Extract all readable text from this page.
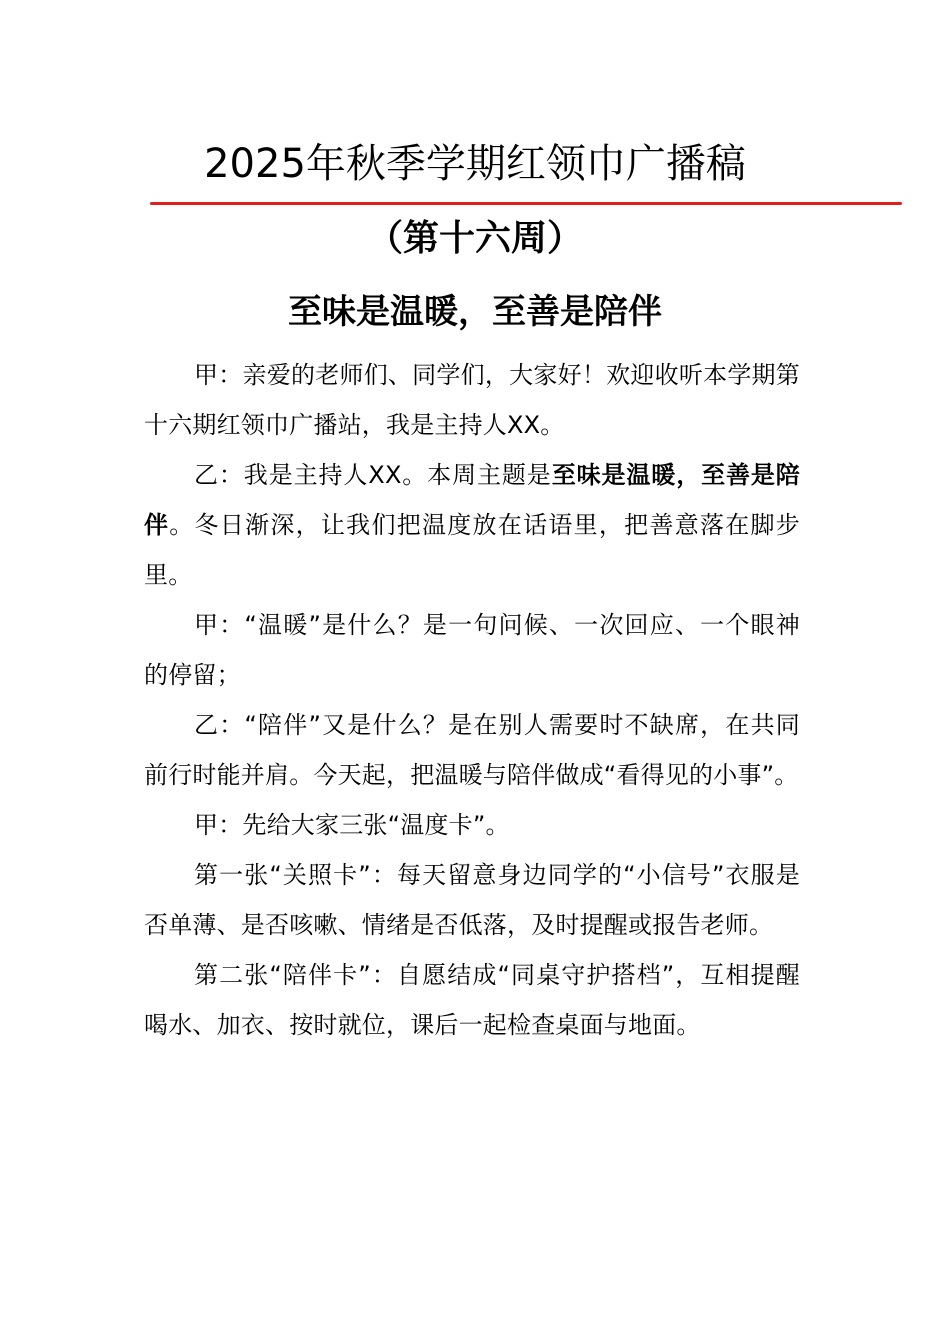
2025年秋季学期红领巾广播稿
（第十六周）
至味是温暖，至善是陪伴

甲：亲爱的老师们、同学们，大家好！欢迎收听本学期第十六期红领巾广播站，我是主持人XX。

乙：我是主持人XX。本周主题是至味是温暖，至善是陪伴。冬日渐深，让我们把温度放在话语里，把善意落在脚步里。

甲：“温暖”是什么？是一句问候、一次回应、一个眼神的停留；

乙：“陪伴”又是什么？是在别人需要时不缺席，在共同前行时能并肩。今天起，把温暖与陪伴做成“看得见的小事”。

甲：先给大家三张“温度卡”。

第一张“关照卡”：每天留意身边同学的“小信号”衣服是否单薄、是否咳嗽、情绪是否低落，及时提醒或报告老师。

第二张“陪伴卡”：自愿结成“同桌守护搭档”，互相提醒喝水、加衣、按时就位，课后一起检查桌面与地面。
